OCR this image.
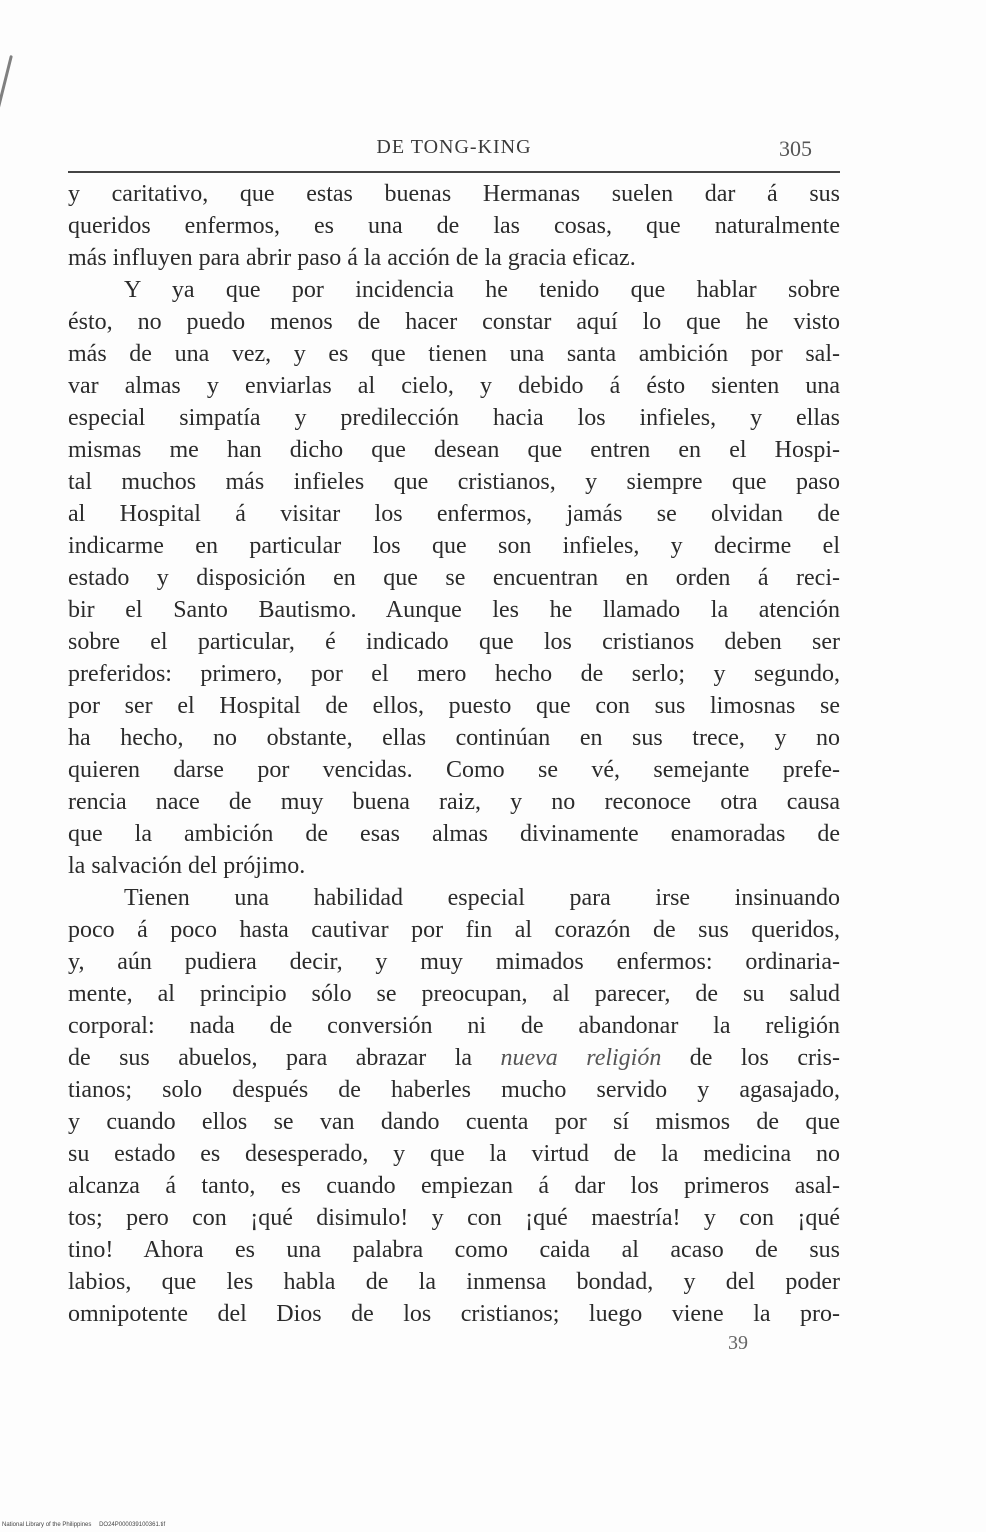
DE TONG-KING	305
y caritativo, que estas buenas Hermanas suelen dar á sus
queridos enfermos, es una de las cosas, que naturalmente
más influyen para abrir paso á la acción de la gracia eficaz.
Y ya que por incidencia he tenido que hablar sobre
ésto, no puedo menos de hacer constar aquí lo que he visto
más de una vez, y es que tienen una santa ambición por sal-
var almas y enviarlas al cielo, y debido á ésto sienten una
especial simpatía y predilección hacia los infieles, y ellas
mismas me han dicho que desean que entren en el Hospi-
tal muchos más infieles que cristianos, y siempre que paso
al Hospital á visitar los enfermos, jamás se olvidan de
indicarme en particular los que son infieles, y decirme el
estado y disposición en que se encuentran en orden á reci-
bir el Santo Bautismo. Aunque les he llamado la atención
sobre el particular, é indicado que los cristianos deben ser
preferidos: primero, por el mero hecho de serlo; y segundo,
por ser el Hospital de ellos, puesto que con sus limosnas se
ha hecho, no obstante, ellas continúan en sus trece, y no
quieren darse por vencidas. Como se vé, semejante prefe-
rencia nace de muy buena raiz, y no reconoce otra causa
que la ambición de esas almas divinamente enamoradas de
la salvación del prójimo.
Tienen una habilidad especial para irse insinuando
poco á poco hasta cautivar por fin al corazón de sus queridos,
y, aún pudiera decir, y muy mimados enfermos: ordinaria-
mente, al principio sólo se preocupan, al parecer, de su salud
corporal: nada de conversión ni de abandonar la religión
de sus abuelos, para abrazar la nueva religión de los cris-
tianos; solo después de haberles mucho servido y agasajado,
y cuando ellos se van dando cuenta por sí mismos de que
su estado es desesperado, y que la virtud de la medicina no
alcanza á tanto, es cuando empiezan á dar los primeros asal-
tos; pero con ¡qué disimulo! y con ¡qué maestría! y con ¡qué
tino! Ahora es una palabra como caida al acaso de sus
labios, que les habla de la inmensa bondad, y del poder
omnipotente del Dios de los cristianos; luego viene la pro-
39
National Library of the Philippines DO24P000039100361.tif
